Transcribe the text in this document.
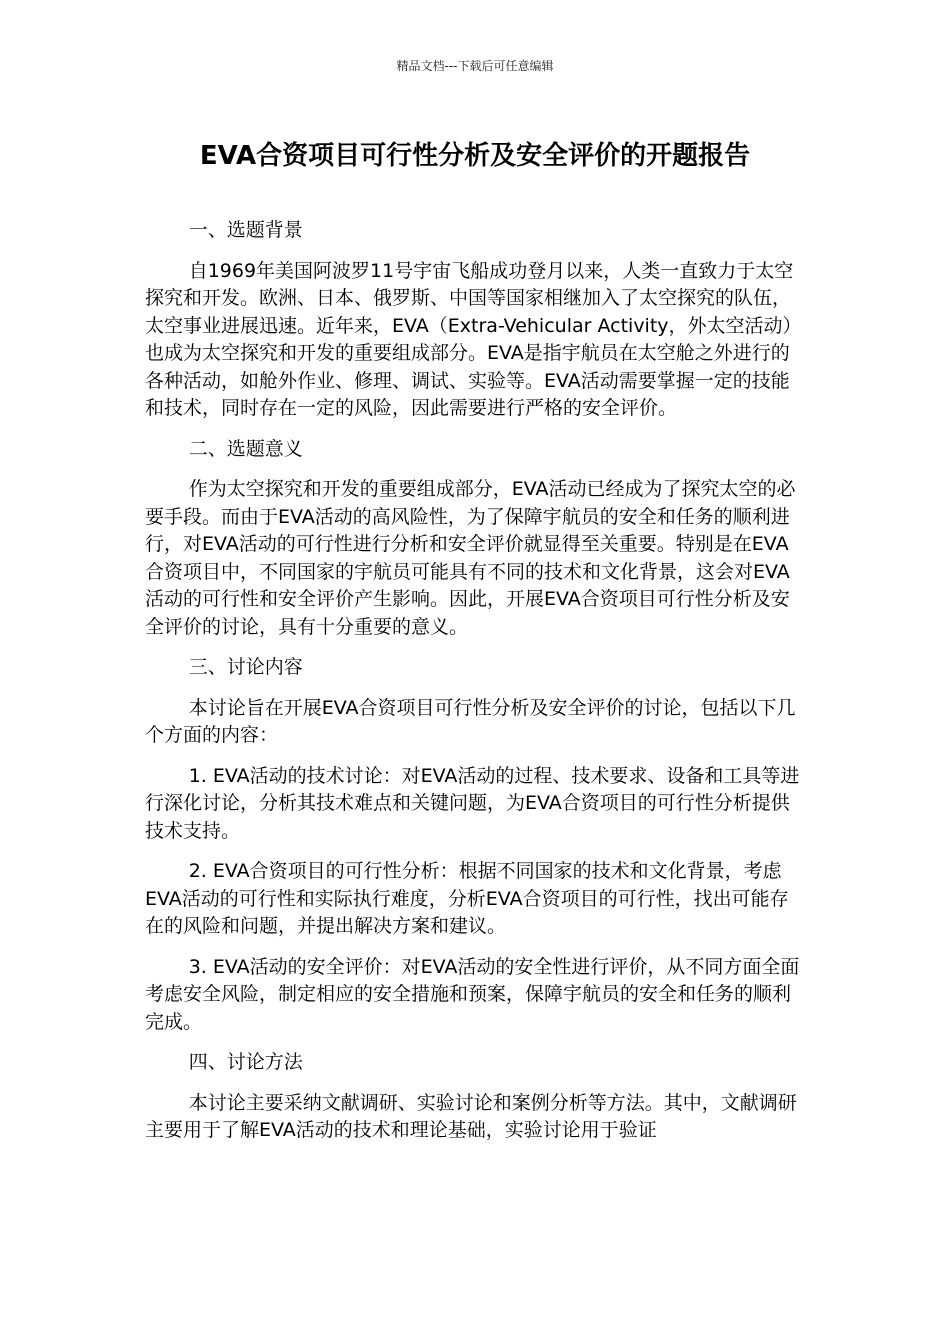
精品文档---下载后可任意编辑
EVA合资项目可行性分析及安全评价的开题报告

一、选题背景

自1969年美国阿波罗11号宇宙飞船成功登月以来，人类一直致力于太空探究和开发。欧洲、日本、俄罗斯、中国等国家相继加入了太空探究的队伍，太空事业进展迅速。近年来，EVA（Extra-Vehicular Activity，外太空活动）也成为太空探究和开发的重要组成部分。EVA是指宇航员在太空舱之外进行的各种活动，如舱外作业、修理、调试、实验等。EVA活动需要掌握一定的技能和技术，同时存在一定的风险，因此需要进行严格的安全评价。

二、选题意义

作为太空探究和开发的重要组成部分，EVA活动已经成为了探究太空的必要手段。而由于EVA活动的高风险性，为了保障宇航员的安全和任务的顺利进行，对EVA活动的可行性进行分析和安全评价就显得至关重要。特别是在EVA合资项目中，不同国家的宇航员可能具有不同的技术和文化背景，这会对EVA活动的可行性和安全评价产生影响。因此，开展EVA合资项目可行性分析及安全评价的讨论，具有十分重要的意义。

三、讨论内容

本讨论旨在开展EVA合资项目可行性分析及安全评价的讨论，包括以下几个方面的内容：

1. EVA活动的技术讨论：对EVA活动的过程、技术要求、设备和工具等进行深化讨论，分析其技术难点和关键问题，为EVA合资项目的可行性分析提供技术支持。

2. EVA合资项目的可行性分析：根据不同国家的技术和文化背景，考虑EVA活动的可行性和实际执行难度，分析EVA合资项目的可行性，找出可能存在的风险和问题，并提出解决方案和建议。

3. EVA活动的安全评价：对EVA活动的安全性进行评价，从不同方面全面考虑安全风险，制定相应的安全措施和预案，保障宇航员的安全和任务的顺利完成。

四、讨论方法

本讨论主要采纳文献调研、实验讨论和案例分析等方法。其中，文献调研主要用于了解EVA活动的技术和理论基础，实验讨论用于验证
